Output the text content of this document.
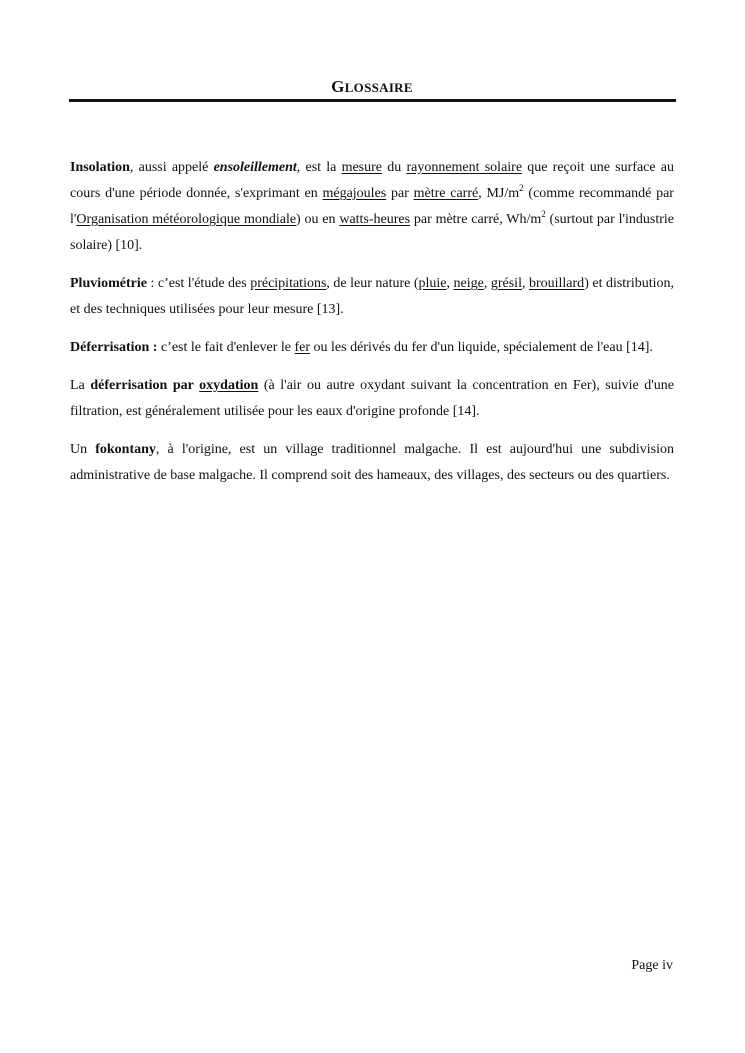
GLOSSAIRE

Insolation, aussi appelé ensoleillement, est la mesure du rayonnement solaire que reçoit une surface au cours d'une période donnée, s'exprimant en mégajoules par mètre carré, $MJ/m^2$ (comme recommandé par l'Organisation météorologique mondiale) ou en watts-heures par mètre carré, $Wh/m^2$ (surtout par l'industrie solaire) [10].

Pluviométrie : c’est l'étude des précipitations, de leur nature (pluie, neige, grésil, brouillard) et distribution, et des techniques utilisées pour leur mesure [13].

Déferrisation : c’est le fait d'enlever le fer ou les dérivés du fer d'un liquide, spécialement de l'eau [14].

La déferrisation par oxydation (à l'air ou autre oxydant suivant la concentration en Fer), suivie d'une filtration, est généralement utilisée pour les eaux d'origine profonde [14].

Un fokontany, à l'origine, est un village traditionnel malgache. Il est aujourd'hui une subdivision administrative de base malgache. Il comprend soit des hameaux, des villages, des secteurs ou des quartiers.

Page iv
